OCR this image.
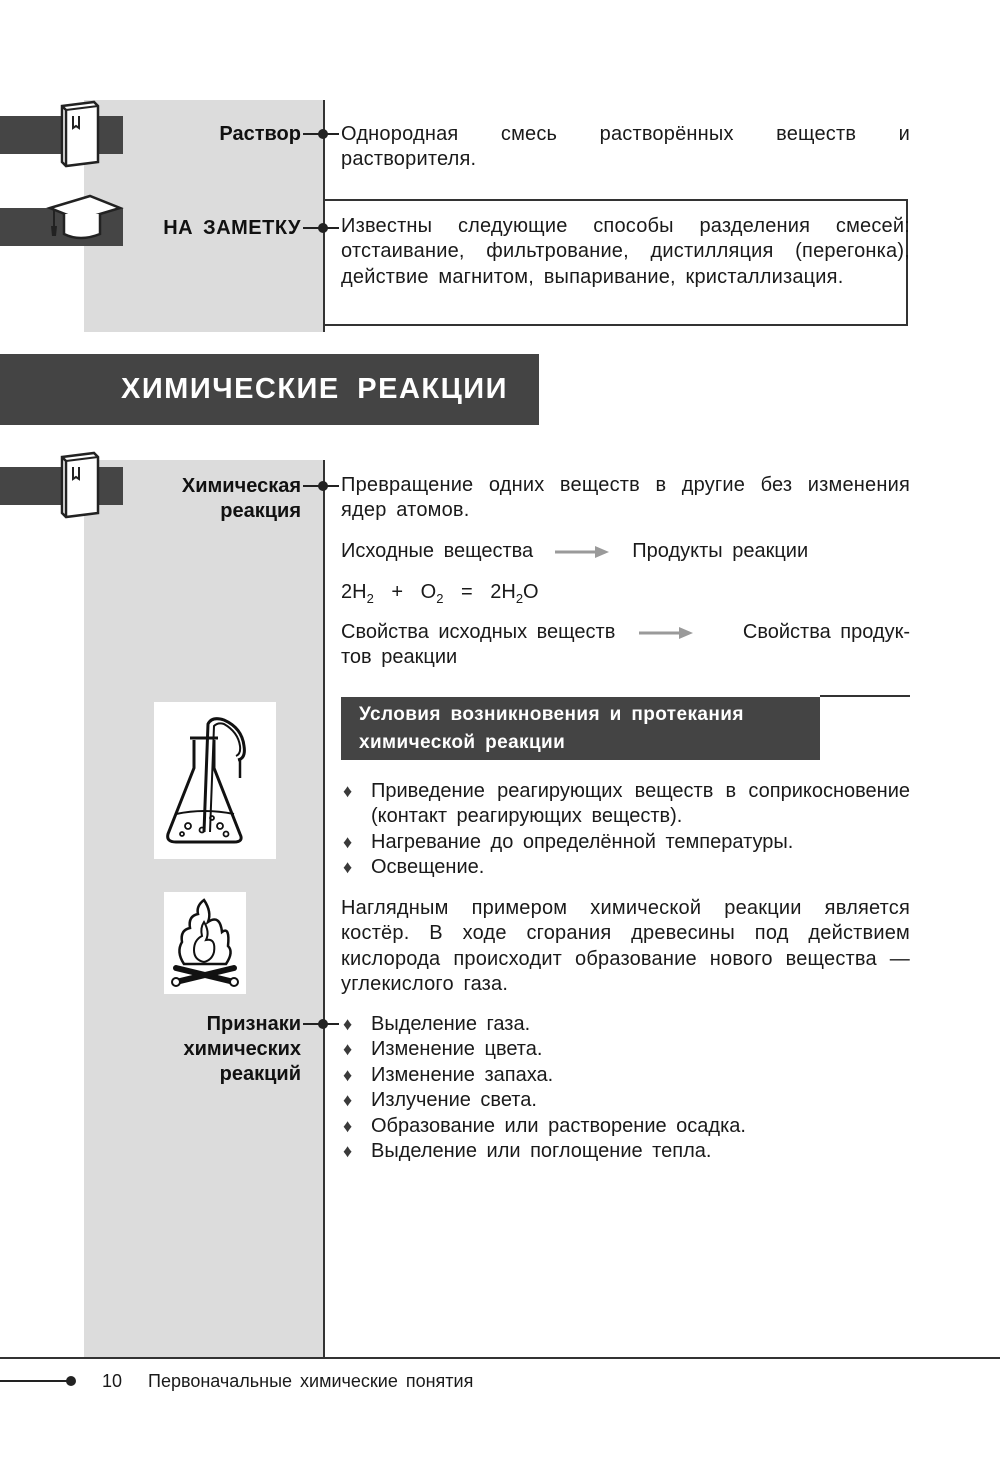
Раствор Однородная смесь растворённых веществ и растворителя.
НА ЗАМЕТКУ Известны следующие способы разделения смесей: отстаивание, фильтрование, дистилляция (перегонка), действие магнитом, выпаривание, кристаллизация.
ХИМИЧЕСКИЕ РЕАКЦИИ
Химическая
реакция
Превращение одних веществ в другие без изменения ядер атомов.
Исходные вещества	Продукты реакции
$2H_2 + O_2 = 2H_2O$
Свойства исходных веществ	Свойства продук-
тов реакции
Условия возникновения и протекания
химической реакции
♦ Приведение реагирующих веществ в соприкосновение (контакт реагирующих веществ).
♦ Нагревание до определённой температуры.
♦ Освещение.
Наглядным примером химической реакции является костёр. В ходе сгорания древесины под действием кислорода происходит образование нового вещества — углекислого газа.
Признаки
химических
реакций
♦ Выделение газа.
♦ Изменение цвета.
♦ Изменение запаха.
♦ Излучение света.
♦ Образование или растворение осадка.
♦ Выделение или поглощение тепла.
10 Первоначальные химические понятия
